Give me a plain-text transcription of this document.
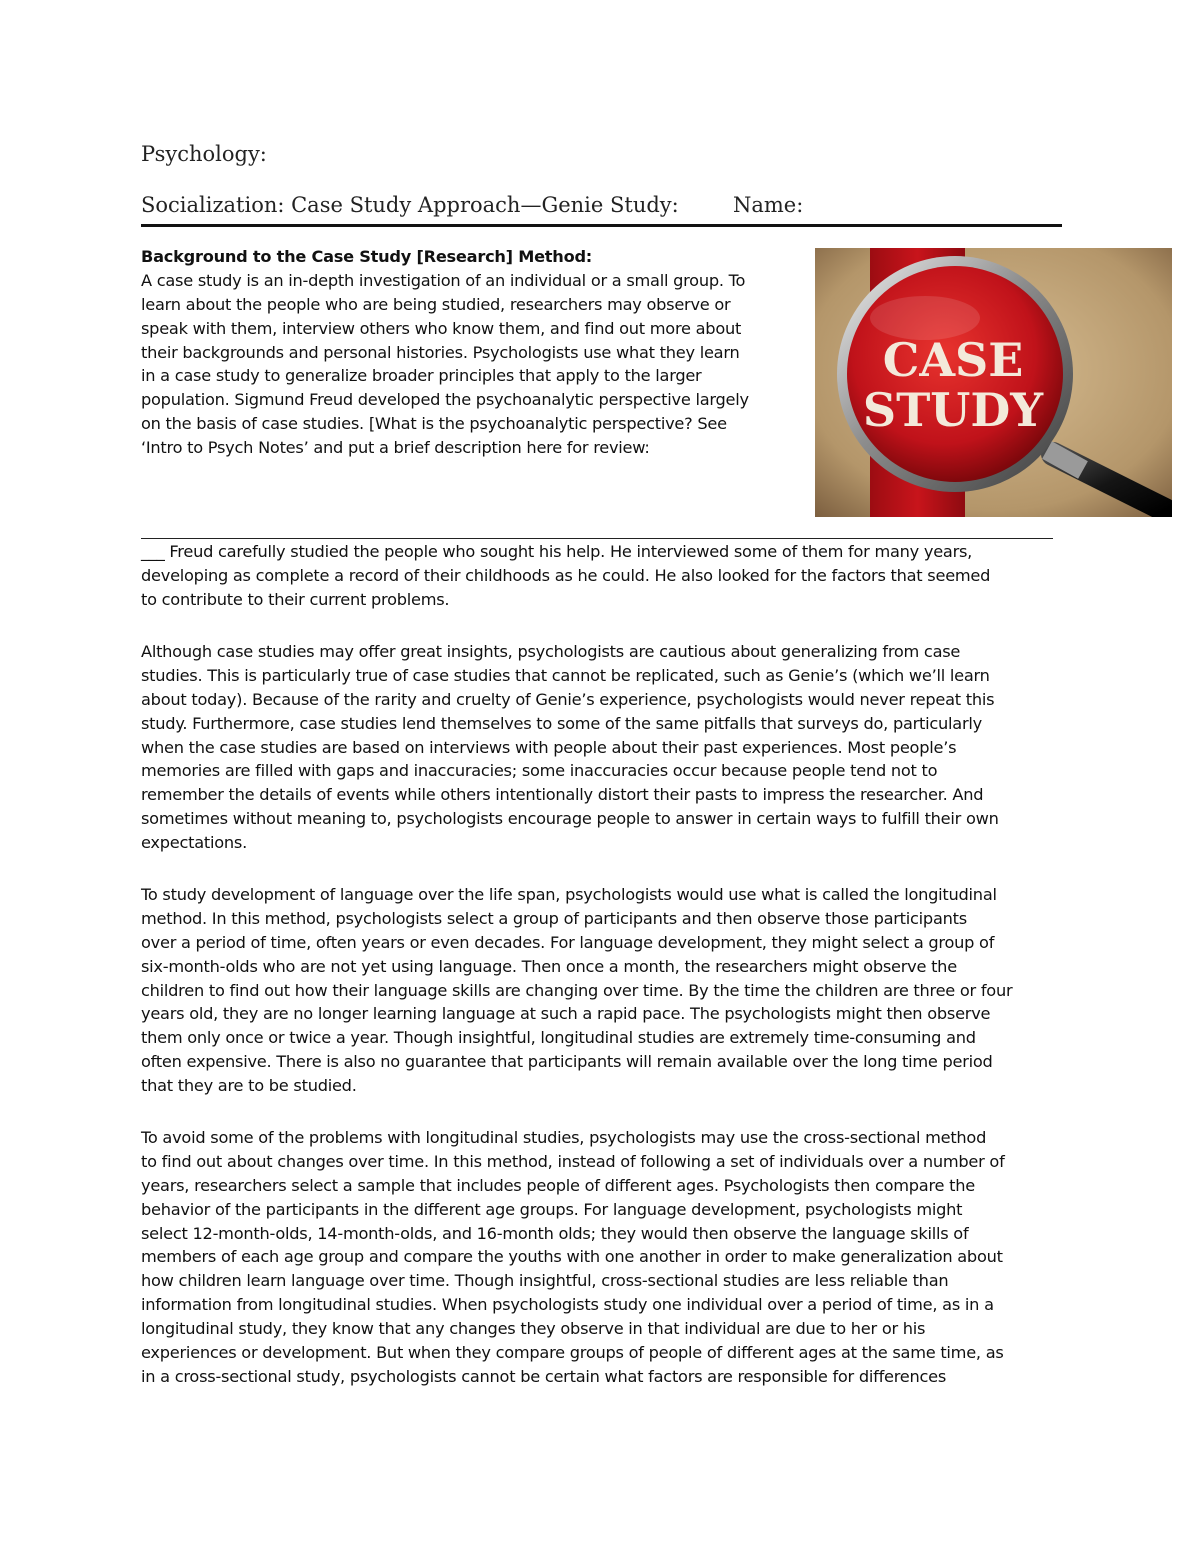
Psychology:
Socialization: Case Study Approach—Genie Study:	Name:
Background to the Case Study [Research] Method:
A case study is an in-depth investigation of an individual or a small group. To
learn about the people who are being studied, researchers may observe or
speak with them, interview others who know them, and find out more about
their backgrounds and personal histories. Psychologists use what they learn
in a case study to generalize broader principles that apply to the larger
population. Sigmund Freud developed the psychoanalytic perspective largely
on the basis of case studies. [What is the psychoanalytic perspective? See
‘Intro to Psych Notes’ and put a brief description here for review:
CASE
STUDY
___ Freud carefully studied the people who sought his help. He interviewed some of them for many years,
developing as complete a record of their childhoods as he could. He also looked for the factors that seemed
to contribute to their current problems.
Although case studies may offer great insights, psychologists are cautious about generalizing from case
studies. This is particularly true of case studies that cannot be replicated, such as Genie’s (which we’ll learn
about today). Because of the rarity and cruelty of Genie’s experience, psychologists would never repeat this
study. Furthermore, case studies lend themselves to some of the same pitfalls that surveys do, particularly
when the case studies are based on interviews with people about their past experiences. Most people’s
memories are filled with gaps and inaccuracies; some inaccuracies occur because people tend not to
remember the details of events while others intentionally distort their pasts to impress the researcher. And
sometimes without meaning to, psychologists encourage people to answer in certain ways to fulfill their own
expectations.
To study development of language over the life span, psychologists would use what is called the longitudinal
method. In this method, psychologists select a group of participants and then observe those participants
over a period of time, often years or even decades. For language development, they might select a group of
six-month-olds who are not yet using language. Then once a month, the researchers might observe the
children to find out how their language skills are changing over time. By the time the children are three or four
years old, they are no longer learning language at such a rapid pace. The psychologists might then observe
them only once or twice a year. Though insightful, longitudinal studies are extremely time-consuming and
often expensive. There is also no guarantee that participants will remain available over the long time period
that they are to be studied.
To avoid some of the problems with longitudinal studies, psychologists may use the cross-sectional method
to find out about changes over time. In this method, instead of following a set of individuals over a number of
years, researchers select a sample that includes people of different ages. Psychologists then compare the
behavior of the participants in the different age groups. For language development, psychologists might
select 12-month-olds, 14-month-olds, and 16-month olds; they would then observe the language skills of
members of each age group and compare the youths with one another in order to make generalization about
how children learn language over time. Though insightful, cross-sectional studies are less reliable than
information from longitudinal studies. When psychologists study one individual over a period of time, as in a
longitudinal study, they know that any changes they observe in that individual are due to her or his
experiences or development. But when they compare groups of people of different ages at the same time, as
in a cross-sectional study, psychologists cannot be certain what factors are responsible for differences
